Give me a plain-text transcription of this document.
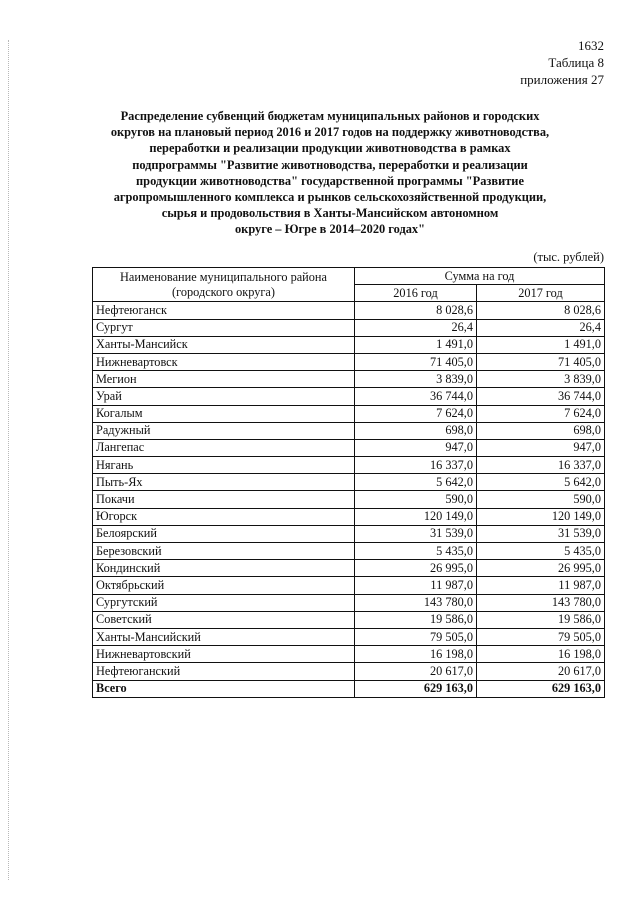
1632
Таблица 8
приложения 27
Распределение субвенций бюджетам муниципальных районов и городских
округов на плановый период 2016 и 2017 годов на поддержку животноводства,
переработки и реализации продукции животноводства в рамках
подпрограммы "Развитие животноводства, переработки и реализации
продукции животноводства" государственной программы "Развитие
агропромышленного комплекса и рынков сельскохозяйственной продукции,
сырья и продовольствия в Ханты-Мансийском автономном
округе – Югре в 2014–2020 годах"
(тыс. рублей)
Наименование муниципального района
(городского округа)	Сумма на год	
	2016 год	2017 год
Нефтеюганск	8 028,6	8 028,6
Сургут	26,4	26,4
Ханты-Мансийск	1 491,0	1 491,0
Нижневартовск	71 405,0	71 405,0
Мегион	3 839,0	3 839,0
Урай	36 744,0	36 744,0
Когалым	7 624,0	7 624,0
Радужный	698,0	698,0
Лангепас	947,0	947,0
Нягань	16 337,0	16 337,0
Пыть-Ях	5 642,0	5 642,0
Покачи	590,0	590,0
Югорск	120 149,0	120 149,0
Белоярский	31 539,0	31 539,0
Березовский	5 435,0	5 435,0
Кондинский	26 995,0	26 995,0
Октябрьский	11 987,0	11 987,0
Сургутский	143 780,0	143 780,0
Советский	19 586,0	19 586,0
Ханты-Мансийский	79 505,0	79 505,0
Нижневартовский	16 198,0	16 198,0
Нефтеюганский	20 617,0	20 617,0
Всего	629 163,0	629 163,0
